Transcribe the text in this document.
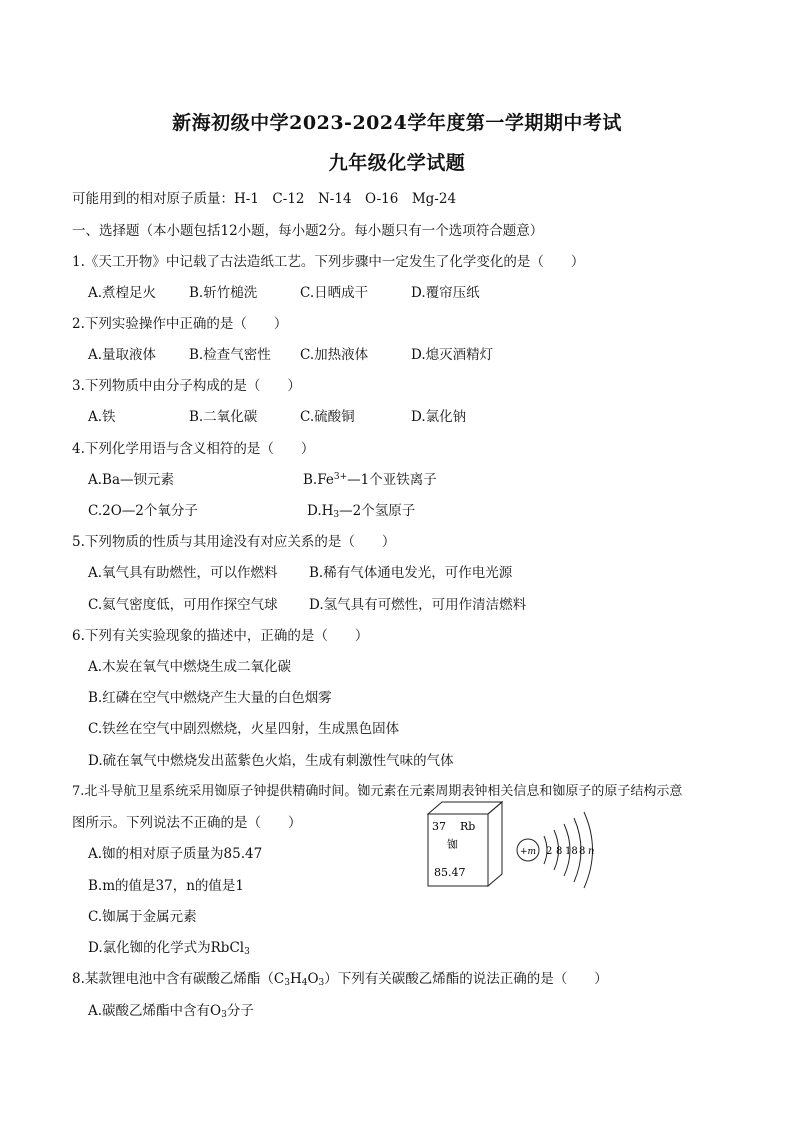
新海初级中学2023-2024学年度第一学期期中考试
九年级化学试题
可能用到的相对原子质量：H-1　C-12　N-14　O-16　Mg-24
一、选择题（本小题包括12小题，每小题2分。每小题只有一个选项符合题意）
1.《天工开物》中记载了古法造纸工艺。下列步骤中一定发生了化学变化的是（　　）
A.煮楻足火 B.斩竹槌洗	C.日晒成干	D.覆帘压纸
2.下列实验操作中正确的是（　　）
A.量取液体 B.检查气密性 C.加热液体	D.熄灭酒精灯
3.下列物质中由分子构成的是（　　）
A.铁	B.二氧化碳	C.硫酸铜	D.氯化钠
4.下列化学用语与含义相符的是（　　）
A.Ba—钡元素	$B.Fe^{3+}—1$个亚铁离子
C.2O—2个氧分子	$D.H_3—2$个氢原子
5.下列物质的性质与其用途没有对应关系的是（　　）
A.氧气具有助燃性，可以作燃料 B.稀有气体通电发光，可作电光源
C.氦气密度低，可用作探空气球 D.氢气具有可燃性，可用作清洁燃料
6.下列有关实验现象的描述中，正确的是（　　）
A.木炭在氧气中燃烧生成二氧化碳
B.红磷在空气中燃烧产生大量的白色烟雾
C.铁丝在空气中剧烈燃烧，火星四射，生成黑色固体
D.硫在氧气中燃烧发出蓝紫色火焰，生成有刺激性气味的气体
7.北斗导航卫星系统采用铷原子钟提供精确时间。铷元素在元素周期表钟相关信息和铷原子的原子结构示意
图所示。下列说法不正确的是（　　）
A.铷的相对原子质量为85.47
B.m的值是37，n的值是1
C.铷属于金属元素
D.氯化铷的化学式为RbCl$_3$
37 Rb
铷
85.47
+m 2 8 18 8 n
8.某款锂电池中含有碳酸乙烯酯$(C_3H_4O_3)$下列有关碳酸乙烯酯的说法正确的是（　　）
A.碳酸乙烯酯中含有$O_3$分子
